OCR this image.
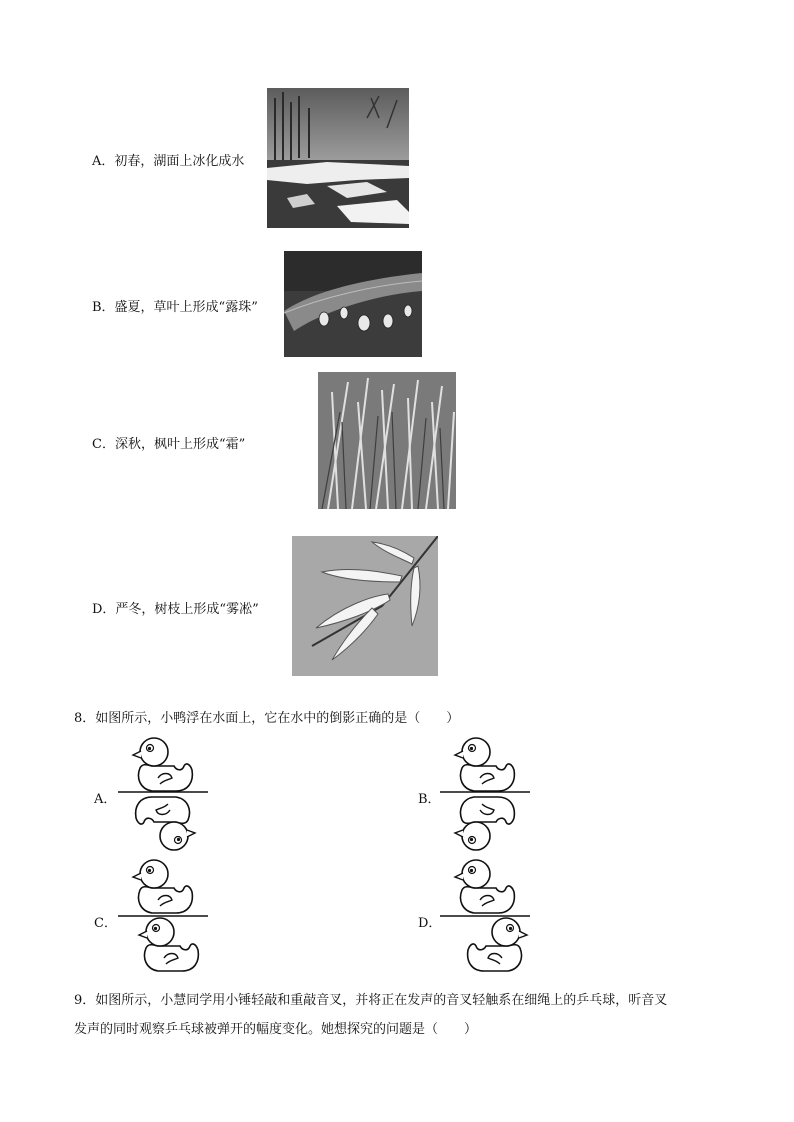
A．初春，湖面上冰化成水
B．盛夏，草叶上形成“露珠”
C．深秋，枫叶上形成“霜”
D．严冬，树枝上形成“雾凇”
8．如图所示，小鸭浮在水面上，它在水中的倒影正确的是（　　）
A．	B．
C．	D．
9．如图所示，小慧同学用小锤轻敲和重敲音叉，并将正在发声的音叉轻触系在细绳上的乒乓球，听音叉
发声的同时观察乒乓球被弹开的幅度变化。她想探究的问题是（　　）
